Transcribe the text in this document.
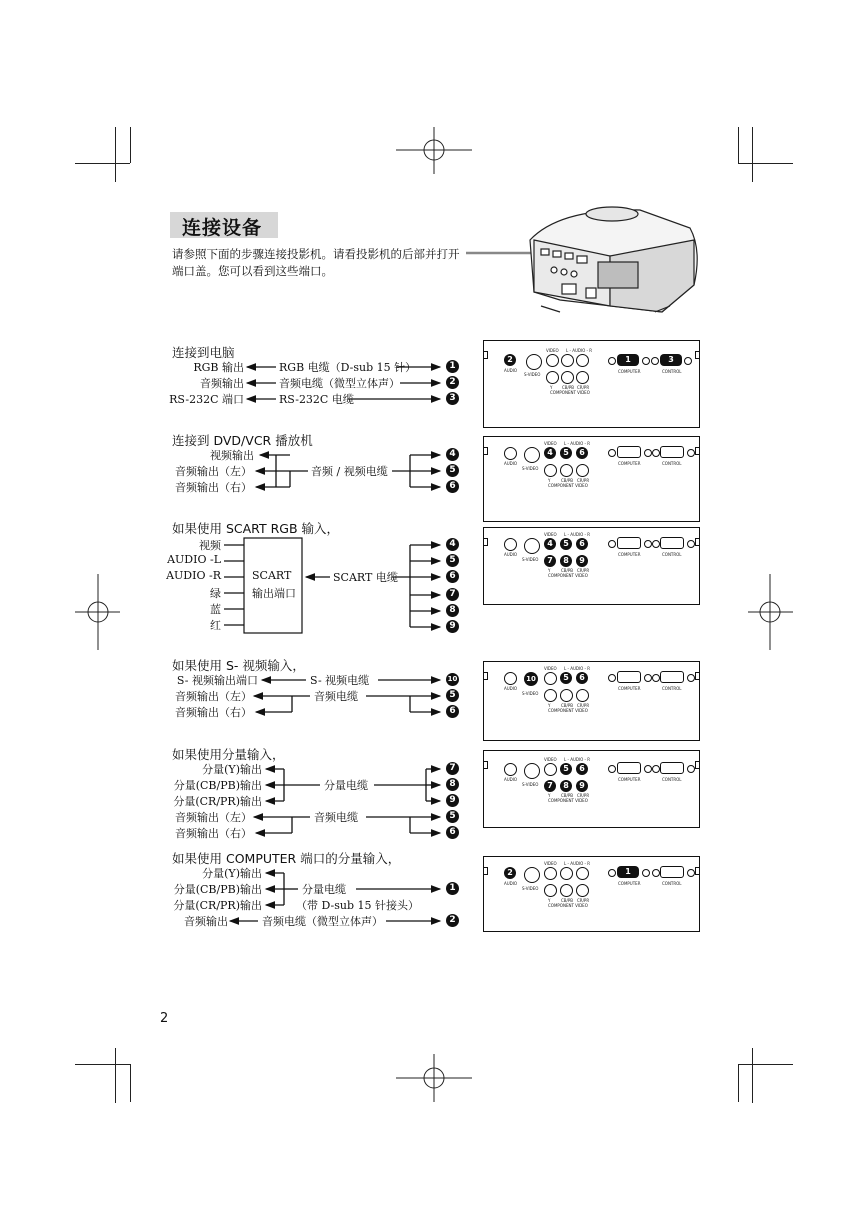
连接设备
请参照下面的步骤连接投影机。请看投影机的后部并打开
端口盖。您可以看到这些端口。
连接到电脑
RGB 输出	RGB 电缆（D-sub 15 针）	1
音频输出	音频电缆（微型立体声）	2
RS-232C 端口	RS-232C 电缆	3
连接到 DVD/VCR 播放机
视频输出
音频输出（左）
音频输出（右）
音频 / 视频电缆
4
5
6
如果使用 SCART RGB 输入，
视频
AUDIO -L
AUDIO -R
绿
蓝
红
SCART
输出端口
SCART 电缆
4
5
6
7
8
9
如果使用 S- 视频输入，
S- 视频输出端口
音频输出（左）
音频输出（右）
S- 视频电缆
音频电缆
10
5
6
如果使用分量输入，
分量(Y)输出
分量(CB/PB)输出
分量(CR/PR)输出
音频输出（左）
音频输出（右）
分量电缆
音频电缆
7
8
9
5
6
如果使用 COMPUTER 端口的分量输入，
分量(Y)输出
分量(CB/PB)输出
分量(CR/PR)输出
分量电缆
（带 D-sub 15 针接头）
音频输出	音频电缆（微型立体声）
1
2
2
AUDIO
S-VIDEO
VIDEO L - AUDIO - R
Y CB/PB CR/PR
COMPONENT VIDEO
1
COMPUTER
3
CONTROL
AUDIO
S-VIDEO
VIDEO L - AUDIO - R
4	5	6
Y	CB/PB CR/PR
COMPONENT VIDEO
COMPUTER	CONTROL
AUDIO
S-VIDEO
VIDEO L - AUDIO - R
4	5	6
7	8	9
Y	CB/PB CR/PR
COMPONENT VIDEO
COMPUTER	CONTROL
AUDIO
10
S-VIDEO
VIDEO L - AUDIO - R
5	6
Y	CB/PB CR/PR
COMPONENT VIDEO
COMPUTER	CONTROL
AUDIO
S-VIDEO
VIDEO L - AUDIO - R
5	6
7	8	9
Y	CB/PB CR/PR
COMPONENT VIDEO
COMPUTER	CONTROL
2
AUDIO
S-VIDEO
VIDEO L - AUDIO - R
Y	CB/PB CR/PR
COMPONENT VIDEO
1
COMPUTER	CONTROL
2
